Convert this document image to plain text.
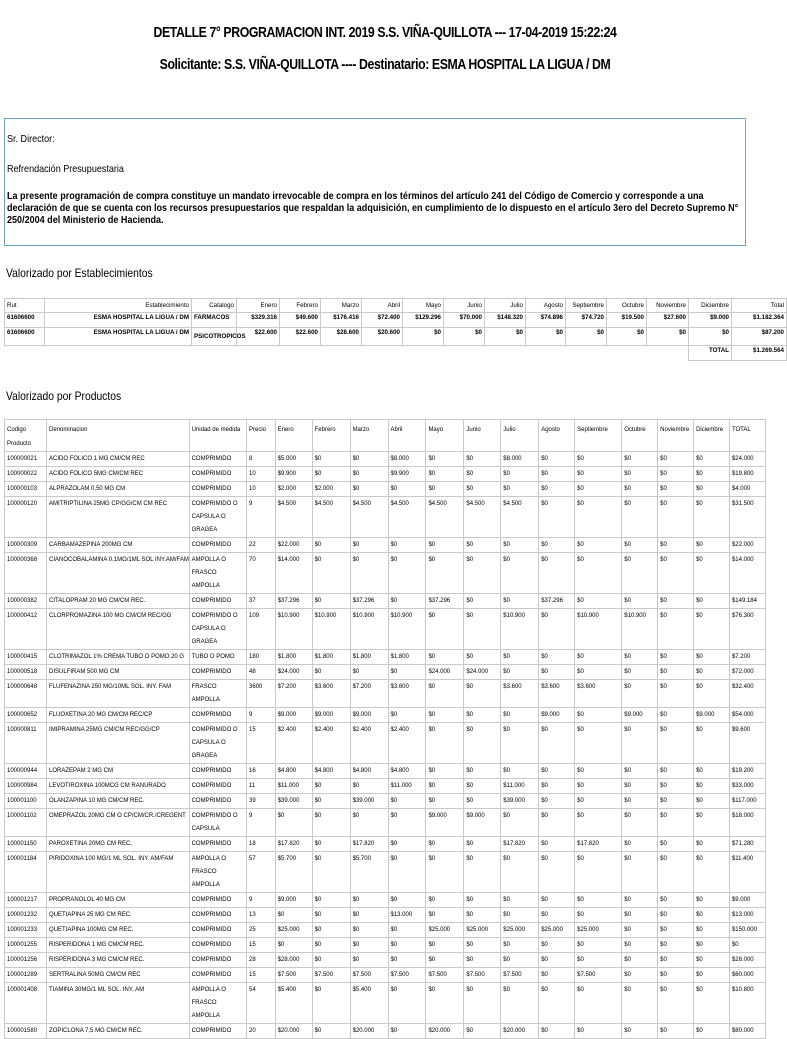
DETALLE 7° PROGRAMACION INT. 2019 S.S. VIÑA-QUILLOTA --- 17-04-2019 15:22:24
Solicitante: S.S. VIÑA-QUILLOTA ---- Destinatario: ESMA HOSPITAL LA LIGUA / DM
Sr. Director:
Refrendación Presupuestaria
La presente programación de compra constituye un mandato irrevocable de compra en los términos del artículo 241 del Código de Comercio y corresponde a una declaración de que se cuenta con los recursos presupuestarios que respaldan la adquisición, en cumplimiento de lo dispuesto en el artículo 3ero del Decreto Supremo N° 250/2004 del Ministerio de Hacienda.
Valorizado por Establecimientos
Rut	Establecimiento	Catalogo	Enero	Febrero	Marzo	Abril	Mayo	Junio	Julio	Agosto	Septiembre	Octubre	Noviembre	Diciembre	Total
61606600	ESMA HOSPITAL LA LIGUA / DM	FARMACOS	$329.316	$49.600	$176.416	$72.400	$129.296	$70.000	$148.320	$74.896	$74.720	$19.500	$27.600	$9.000	$1.182.364
61606600	ESMA HOSPITAL LA LIGUA / DM	PSICOTROPICOS	$22.600	$22.600	$28.600	$20.600	$0	$0	$0	$0	$0	$0	$0	$0	$87.200
														TOTAL	$1.269.564
Valorizado por Productos
Codigo Producto	Denominacion	Unidad de medida	Precio	Enero	Febrero	Marzo	Abril	Mayo	Junio	Julio	Agosto	Septiembre	Octubre	Noviembre	Diciembre	TOTAL
100000021	ACIDO FOLICO 1 MG CM/CM REC	COMPRIMIDO	8	$5.000	$0	$0	$8.000	$0	$0	$8.000	$0	$0	$0	$0	$0	$24.000
100000022	ACIDO FOLICO 5MG CM/CM REC	COMPRIMIDO	10	$9.900	$0	$0	$9.900	$0	$0	$0	$0	$0	$0	$0	$0	$19.800
100000103	ALPRAZOLAM 0,50 MG CM	COMPRIMIDO	10	$2.000	$2.000	$0	$0	$0	$0	$0	$0	$0	$0	$0	$0	$4.000
100000120	AMITRIPTILINA 25MG CP/GG/CM CM REC	COMPRIMIDO O CAPSULA O GRAGEA	9	$4.500	$4.500	$4.500	$4.500	$4.500	$4.500	$4.500	$0	$0	$0	$0	$0	$31.500
100000309	CARBAMAZEPINA 200MG CM	COMPRIMIDO	22	$22.000	$0	$0	$0	$0	$0	$0	$0	$0	$0	$0	$0	$22.000
100000368	CIANOCOBALAMINA 0,1MG/1ML SOL INY.AM/FAM	AMPOLLA O FRASCO AMPOLLA	70	$14.000	$0	$0	$0	$0	$0	$0	$0	$0	$0	$0	$0	$14.000
100000382	CITALOPRAM 20 MG CM/CM REC.	COMPRIMIDO	37	$37.296	$0	$37.296	$0	$37.296	$0	$0	$37.296	$0	$0	$0	$0	$149.184
100000412	CLORPROMAZINA 100 MG CM/CM REC/GG	COMPRIMIDO O CAPSULA O GRAGEA	109	$10.900	$10.900	$10.900	$10.900	$0	$0	$10.900	$0	$10.900	$10.900	$0	$0	$76.300
100000415	CLOTRIMAZOL 1% CREMA TUBO O POMO 20 G	TUBO O POMO	180	$1.800	$1.800	$1.800	$1.800	$0	$0	$0	$0	$0	$0	$0	$0	$7.200
100000518	DISULFIRAM 500 MG CM	COMPRIMIDO	48	$24.000	$0	$0	$0	$24.000	$24.000	$0	$0	$0	$0	$0	$0	$72.000
100000648	FLUFENAZINA 250 MG/10ML SOL. INY. FAM	FRASCO AMPOLLA	3600	$7.200	$3.600	$7.200	$3.600	$0	$0	$3.600	$3.600	$3.600	$0	$0	$0	$32.400
100000652	FLUOXETINA 20 MG CM/CM REC/CP	COMPRIMIDO	9	$9.000	$9.000	$9.000	$0	$0	$0	$0	$9.000	$0	$9.000	$0	$9.000	$54.000
100000811	IMIPRAMINA 25MG CM/CM REC/GG/CP	COMPRIMIDO O CAPSULA O GRAGEA	15	$2.400	$2.400	$2.400	$2.400	$0	$0	$0	$0	$0	$0	$0	$0	$9.600
100000944	LORAZEPAM 2 MG CM	COMPRIMIDO	16	$4.800	$4.800	$4.800	$4.800	$0	$0	$0	$0	$0	$0	$0	$0	$19.200
100000984	LEVOTIROXINA 100MCG CM RANURADO	COMPRIMIDO	11	$11.000	$0	$0	$11.000	$0	$0	$11.000	$0	$0	$0	$0	$0	$33.000
100001100	OLANZAPINA 10 MG CM/CM REC.	COMPRIMIDO	39	$39.000	$0	$39.000	$0	$0	$0	$39.000	$0	$0	$0	$0	$0	$117.000
100001102	OMEPRAZOL 20MG CM O CP/CM/CR./CREGENT	COMPRIMIDO O CAPSULA	9	$0	$0	$0	$0	$9.000	$9.000	$0	$0	$0	$0	$0	$0	$18.000
100001150	PAROXETINA 20MG CM REC.	COMPRIMIDO	18	$17.820	$0	$17.820	$0	$0	$0	$17.820	$0	$17.820	$0	$0	$0	$71.280
100001184	PIRIDOXINA 100 MG/1 ML SOL. INY. AM/FAM	AMPOLLA O FRASCO AMPOLLA	57	$5.700	$0	$5.700	$0	$0	$0	$0	$0	$0	$0	$0	$0	$11.400
100001217	PROPRANOLOL 40 MG CM	COMPRIMIDO	9	$9.000	$0	$0	$0	$0	$0	$0	$0	$0	$0	$0	$0	$9.000
100001232	QUETIAPINA 25 MG CM REC.	COMPRIMIDO	13	$0	$0	$0	$13.000	$0	$0	$0	$0	$0	$0	$0	$0	$13.000
100001233	QUETIAPINA 100MG CM REC.	COMPRIMIDO	25	$25.000	$0	$0	$0	$25.000	$25.000	$25.000	$25.000	$25.000	$0	$0	$0	$150.000
100001255	RISPERIDONA 1 MG CM/CM REC.	COMPRIMIDO	15	$0	$0	$0	$0	$0	$0	$0	$0	$0	$0	$0	$0	$0
100001256	RISPERIDONA 3 MG CM/CM REC.	COMPRIMIDO	28	$28.000	$0	$0	$0	$0	$0	$0	$0	$0	$0	$0	$0	$28.000
100001289	SERTRALINA 50MG CM/CM REC	COMPRIMIDO	15	$7.500	$7.500	$7.500	$7.500	$7.500	$7.500	$7.500	$0	$7.500	$0	$0	$0	$60.000
100001408	TIAMINA 30MG/1 ML SOL. INY. AM	AMPOLLA O FRASCO AMPOLLA	54	$5.400	$0	$5.400	$0	$0	$0	$0	$0	$0	$0	$0	$0	$10.800
100001580	ZOPICLONA 7,5 MG CM/CM REC.	COMPRIMIDO	20	$20.000	$0	$20.000	$0	$20.000	$0	$20.000	$0	$0	$0	$0	$0	$80.000
